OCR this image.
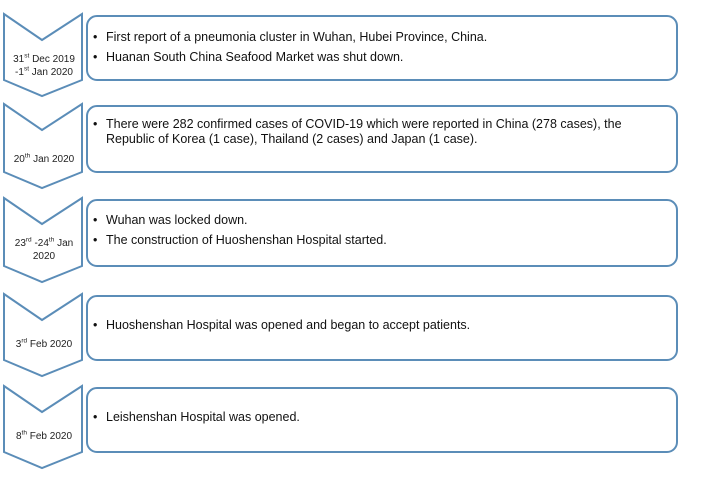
31st Dec 2019
-1st Jan 2020
• First report of a pneumonia cluster in Wuhan, Hubei Province, China.
• Huanan South China Seafood Market was shut down.
20th Jan 2020
• There were 282 confirmed cases of COVID-19 which were reported in China (278 cases), the Republic of Korea (1 case), Thailand (2 cases) and Japan (1 case).
23rd -24th Jan
2020
• Wuhan was locked down.
• The construction of Huoshenshan Hospital started.
3rd Feb 2020
• Huoshenshan Hospital was opened and began to accept patients.
8th Feb 2020
• Leishenshan Hospital was opened.
